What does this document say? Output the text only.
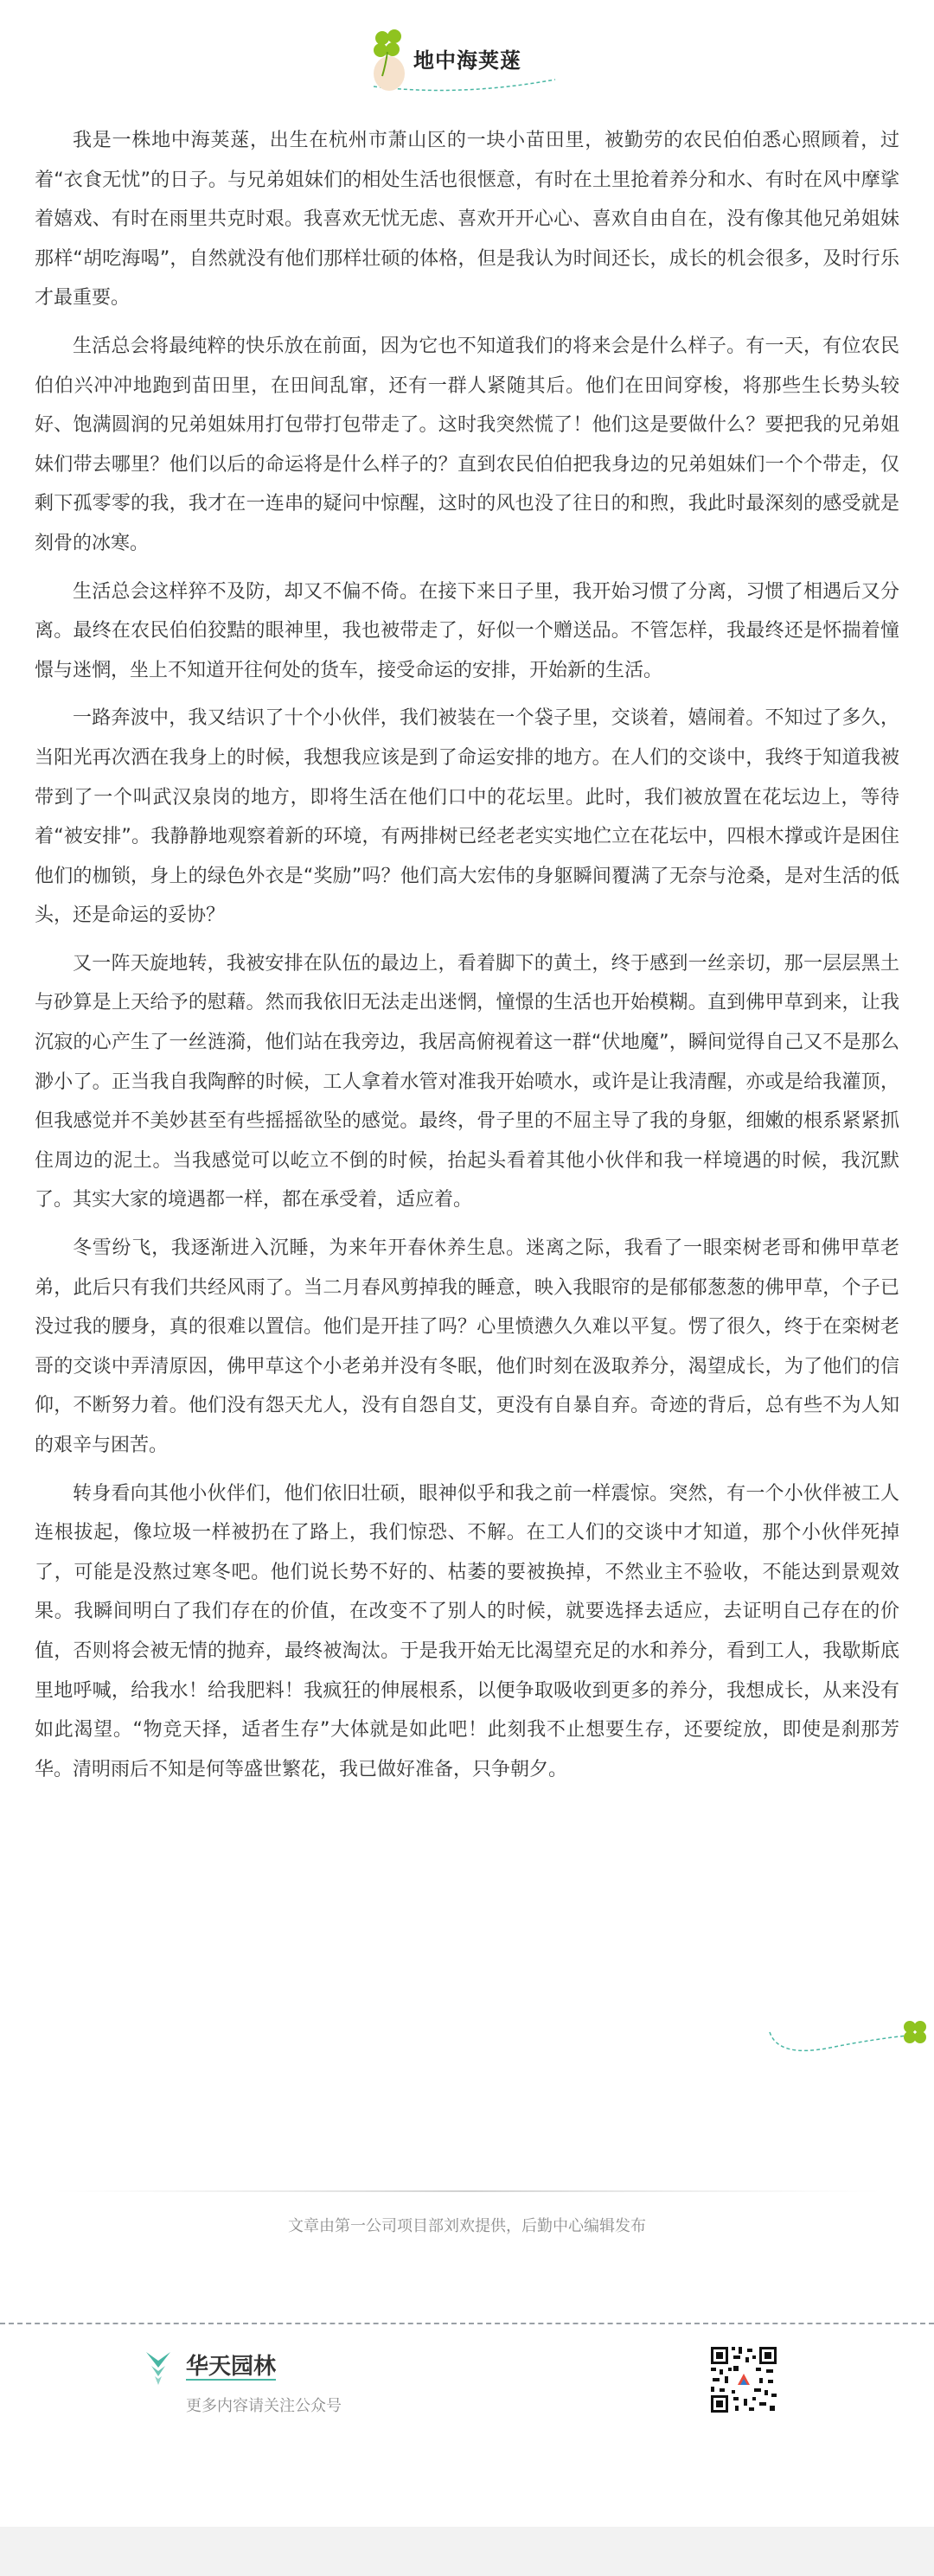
地中海荚蒾

我是一株地中海荚蒾，出生在杭州市萧山区的一块小苗田里，被勤劳的农民伯伯悉心照顾着，过着“衣食无忧”的日子。与兄弟姐妹们的相处生活也很惬意，有时在土里抢着养分和水、有时在风中摩挲着嬉戏、有时在雨里共克时艰。我喜欢无忧无虑、喜欢开开心心、喜欢自由自在，没有像其他兄弟姐妹那样“胡吃海喝”，自然就没有他们那样壮硕的体格，但是我认为时间还长，成长的机会很多，及时行乐才最重要。

生活总会将最纯粹的快乐放在前面，因为它也不知道我们的将来会是什么样子。有一天，有位农民伯伯兴冲冲地跑到苗田里，在田间乱窜，还有一群人紧随其后。他们在田间穿梭，将那些生长势头较好、饱满圆润的兄弟姐妹用打包带打包带走了。这时我突然慌了！他们这是要做什么？要把我的兄弟姐妹们带去哪里？他们以后的命运将是什么样子的？直到农民伯伯把我身边的兄弟姐妹们一个个带走，仅剩下孤零零的我，我才在一连串的疑问中惊醒，这时的风也没了往日的和煦，我此时最深刻的感受就是刻骨的冰寒。

生活总会这样猝不及防，却又不偏不倚。在接下来日子里，我开始习惯了分离，习惯了相遇后又分离。最终在农民伯伯狡黠的眼神里，我也被带走了，好似一个赠送品。不管怎样，我最终还是怀揣着憧憬与迷惘，坐上不知道开往何处的货车，接受命运的安排，开始新的生活。

一路奔波中，我又结识了十个小伙伴，我们被装在一个袋子里，交谈着，嬉闹着。不知过了多久，当阳光再次洒在我身上的时候，我想我应该是到了命运安排的地方。在人们的交谈中，我终于知道我被带到了一个叫武汉泉岗的地方，即将生活在他们口中的花坛里。此时，我们被放置在花坛边上，等待着“被安排”。我静静地观察着新的环境，有两排树已经老老实实地伫立在花坛中，四根木撑或许是困住他们的枷锁，身上的绿色外衣是“奖励”吗？他们高大宏伟的身躯瞬间覆满了无奈与沧桑，是对生活的低头，还是命运的妥协？

又一阵天旋地转，我被安排在队伍的最边上，看着脚下的黄土，终于感到一丝亲切，那一层层黑土与砂算是上天给予的慰藉。然而我依旧无法走出迷惘，憧憬的生活也开始模糊。直到佛甲草到来，让我沉寂的心产生了一丝涟漪，他们站在我旁边，我居高俯视着这一群“伏地魔”，瞬间觉得自己又不是那么渺小了。正当我自我陶醉的时候，工人拿着水管对准我开始喷水，或许是让我清醒，亦或是给我灌顶，但我感觉并不美妙甚至有些摇摇欲坠的感觉。最终，骨子里的不屈主导了我的身躯，细嫩的根系紧紧抓住周边的泥土。当我感觉可以屹立不倒的时候，抬起头看着其他小伙伴和我一样境遇的时候，我沉默了。其实大家的境遇都一样，都在承受着，适应着。

冬雪纷飞，我逐渐进入沉睡，为来年开春休养生息。迷离之际，我看了一眼栾树老哥和佛甲草老弟，此后只有我们共经风雨了。当二月春风剪掉我的睡意，映入我眼帘的是郁郁葱葱的佛甲草，个子已没过我的腰身，真的很难以置信。他们是开挂了吗？心里愤懑久久难以平复。愣了很久，终于在栾树老哥的交谈中弄清原因，佛甲草这个小老弟并没有冬眠，他们时刻在汲取养分，渴望成长，为了他们的信仰，不断努力着。他们没有怨天尤人，没有自怨自艾，更没有自暴自弃。奇迹的背后，总有些不为人知的艰辛与困苦。

转身看向其他小伙伴们，他们依旧壮硕，眼神似乎和我之前一样震惊。突然，有一个小伙伴被工人连根拔起，像垃圾一样被扔在了路上，我们惊恐、不解。在工人们的交谈中才知道，那个小伙伴死掉了，可能是没熬过寒冬吧。他们说长势不好的、枯萎的要被换掉，不然业主不验收，不能达到景观效果。我瞬间明白了我们存在的价值，在改变不了别人的时候，就要选择去适应，去证明自己存在的价值，否则将会被无情的抛弃，最终被淘汰。于是我开始无比渴望充足的水和养分，看到工人，我歇斯底里地呼喊，给我水！给我肥料！我疯狂的伸展根系，以便争取吸收到更多的养分，我想成长，从来没有如此渴望。“物竞天择，适者生存”大体就是如此吧！此刻我不止想要生存，还要绽放，即使是刹那芳华。清明雨后不知是何等盛世繁花，我已做好准备，只争朝夕。

文章由第一公司项目部刘欢提供，后勤中心编辑发布
华天园林
更多内容请关注公众号
